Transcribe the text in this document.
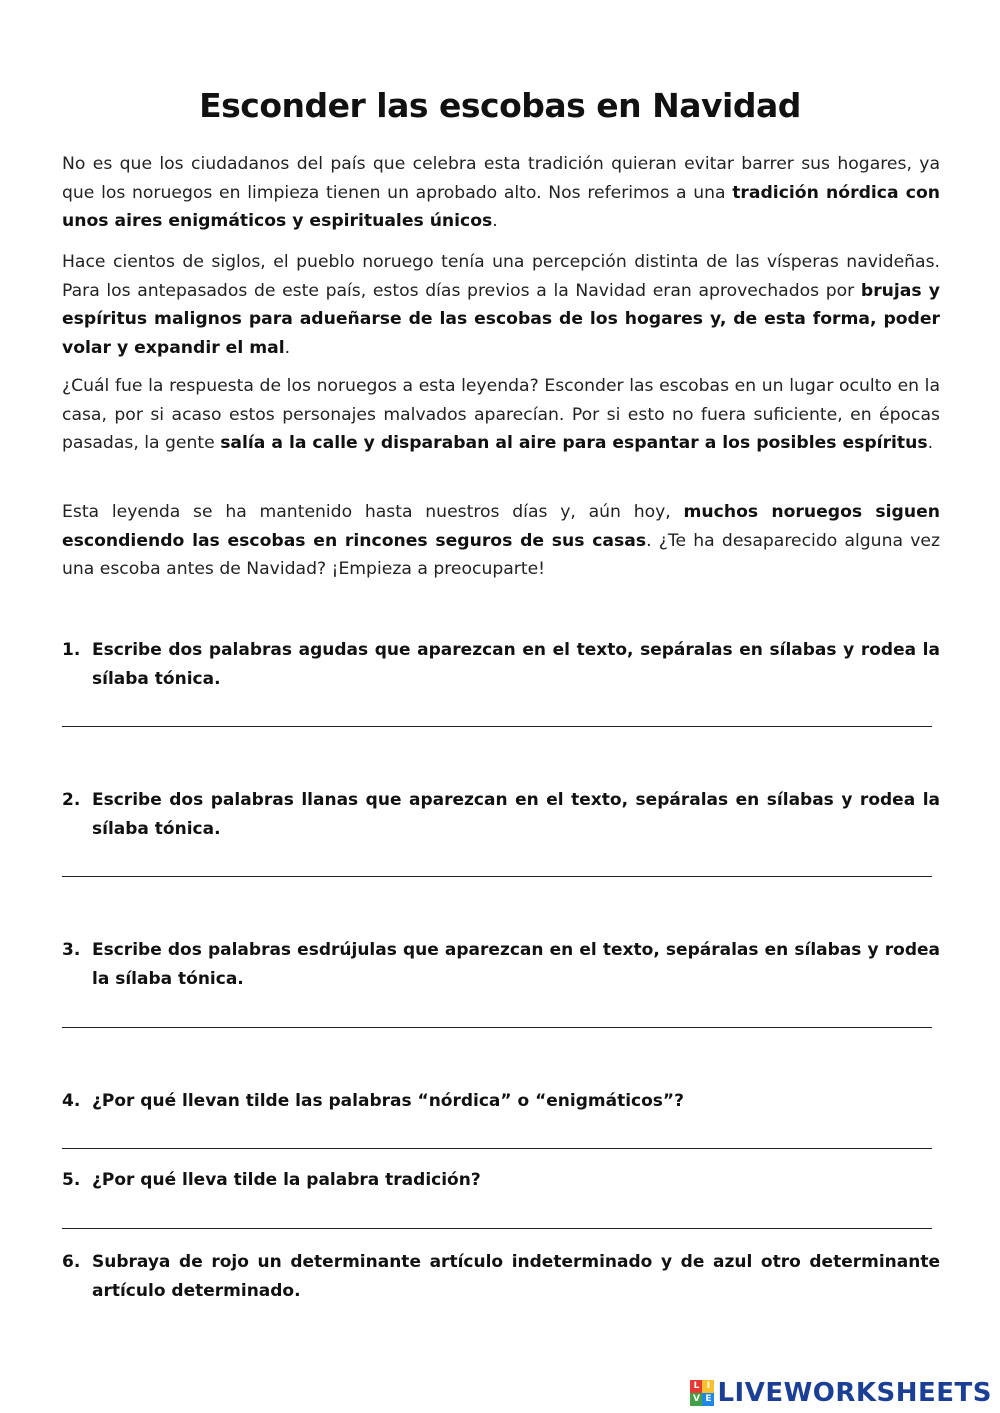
Esconder las escobas en Navidad

No es que los ciudadanos del país que celebra esta tradición quieran evitar barrer sus hogares, ya que los noruegos en limpieza tienen un aprobado alto. Nos referimos a una tradición nórdica con unos aires enigmáticos y espirituales únicos.

Hace cientos de siglos, el pueblo noruego tenía una percepción distinta de las vísperas navideñas. Para los antepasados de este país, estos días previos a la Navidad eran aprovechados por brujas y espíritus malignos para adueñarse de las escobas de los hogares y, de esta forma, poder volar y expandir el mal.

¿Cuál fue la respuesta de los noruegos a esta leyenda? Esconder las escobas en un lugar oculto en la casa, por si acaso estos personajes malvados aparecían. Por si esto no fuera suficiente, en épocas pasadas, la gente salía a la calle y disparaban al aire para espantar a los posibles espíritus.

Esta leyenda se ha mantenido hasta nuestros días y, aún hoy, muchos noruegos siguen escondiendo las escobas en rincones seguros de sus casas. ¿Te ha desaparecido alguna vez una escoba antes de Navidad? ¡Empieza a preocuparte!

1. Escribe dos palabras agudas que aparezcan en el texto, sepáralas en sílabas y rodea la sílaba tónica.
2. Escribe dos palabras llanas que aparezcan en el texto, sepáralas en sílabas y rodea la sílaba tónica.
3. Escribe dos palabras esdrújulas que aparezcan en el texto, sepáralas en sílabas y rodea la sílaba tónica.
4. ¿Por qué llevan tilde las palabras “nórdica” o “enigmáticos”?
5. ¿Por qué lleva tilde la palabra tradición?
6. Subraya de rojo un determinante artículo indeterminado y de azul otro determinante artículo determinado.
L I
V E LIVEWORKSHEETS
